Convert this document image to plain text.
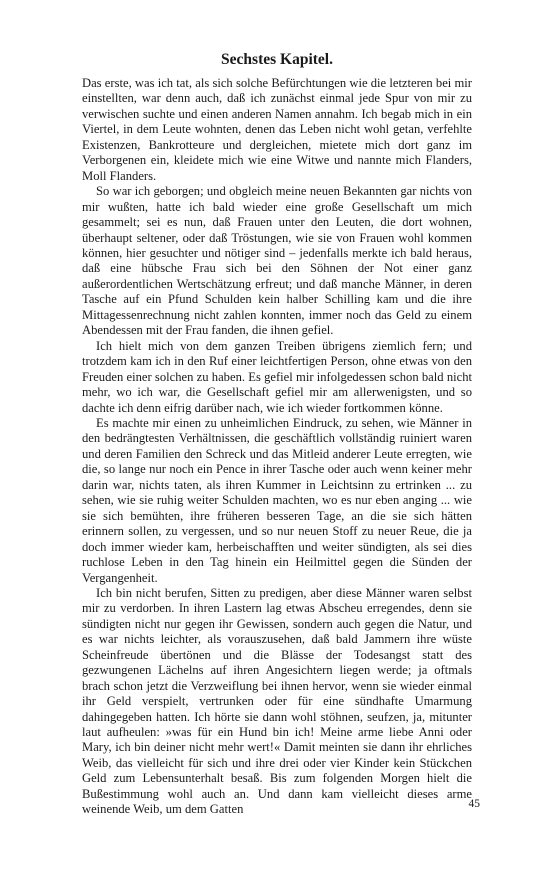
Sechstes Kapitel.

Das erste, was ich tat, als sich solche Befürchtungen wie die letzteren bei mir einstellten, war denn auch, daß ich zunächst einmal jede Spur von mir zu verwischen suchte und einen anderen Namen annahm. Ich begab mich in ein Viertel, in dem Leute wohnten, denen das Leben nicht wohl getan, verfehlte Existenzen, Bankrotteure und dergleichen, mietete mich dort ganz im Verborgenen ein, kleidete mich wie eine Witwe und nannte mich Flanders, Moll Flanders.

So war ich geborgen; und obgleich meine neuen Bekannten gar nichts von mir wußten, hatte ich bald wieder eine große Gesellschaft um mich gesammelt; sei es nun, daß Frauen unter den Leuten, die dort wohnen, überhaupt seltener, oder daß Tröstungen, wie sie von Frauen wohl kommen können, hier gesuchter und nötiger sind – jedenfalls merkte ich bald heraus, daß eine hübsche Frau sich bei den Söhnen der Not einer ganz außerordentlichen Wertschätzung erfreut; und daß manche Männer, in deren Tasche auf ein Pfund Schulden kein halber Schilling kam und die ihre Mittagessenrechnung nicht zahlen konnten, immer noch das Geld zu einem Abendessen mit der Frau fanden, die ihnen gefiel.

Ich hielt mich von dem ganzen Treiben übrigens ziemlich fern; und trotzdem kam ich in den Ruf einer leichtfertigen Person, ohne etwas von den Freuden einer solchen zu haben. Es gefiel mir infolgedessen schon bald nicht mehr, wo ich war, die Gesellschaft gefiel mir am allerwenigsten, und so dachte ich denn eifrig darüber nach, wie ich wieder fortkommen könne.

Es machte mir einen zu unheimlichen Eindruck, zu sehen, wie Männer in den bedrängtesten Verhältnissen, die geschäftlich vollständig ruiniert waren und deren Familien den Schreck und das Mitleid anderer Leute erregten, wie die, so lange nur noch ein Pence in ihrer Tasche oder auch wenn keiner mehr darin war, nichts taten, als ihren Kummer in Leichtsinn zu ertrinken ... zu sehen, wie sie ruhig weiter Schulden machten, wo es nur eben anging ... wie sie sich bemühten, ihre früheren besseren Tage, an die sie sich hätten erinnern sollen, zu vergessen, und so nur neuen Stoff zu neuer Reue, die ja doch immer wieder kam, herbeischafften und weiter sündigten, als sei dies ruchlose Leben in den Tag hinein ein Heilmittel gegen die Sünden der Vergangenheit.

Ich bin nicht berufen, Sitten zu predigen, aber diese Männer waren selbst mir zu verdorben. In ihren Lastern lag etwas Abscheu erregendes, denn sie sündigten nicht nur gegen ihr Gewissen, sondern auch gegen die Natur, und es war nichts leichter, als vorauszusehen, daß bald Jammern ihre wüste Scheinfreude übertönen und die Blässe der Todesangst statt des gezwungenen Lächelns auf ihren Angesichtern liegen werde; ja oftmals brach schon jetzt die Verzweiflung bei ihnen hervor, wenn sie wieder einmal ihr Geld verspielt, vertrunken oder für eine sündhafte Umarmung dahingegeben hatten. Ich hörte sie dann wohl stöhnen, seufzen, ja, mitunter laut aufheulen: »was für ein Hund bin ich! Meine arme liebe Anni oder Mary, ich bin deiner nicht mehr wert!« Damit meinten sie dann ihr ehrliches Weib, das vielleicht für sich und ihre drei oder vier Kinder kein Stückchen Geld zum Lebensunterhalt besaß. Bis zum folgenden Morgen hielt die Bußestimmung wohl auch an. Und dann kam vielleicht dieses arme weinende Weib, um dem Gatten	45
